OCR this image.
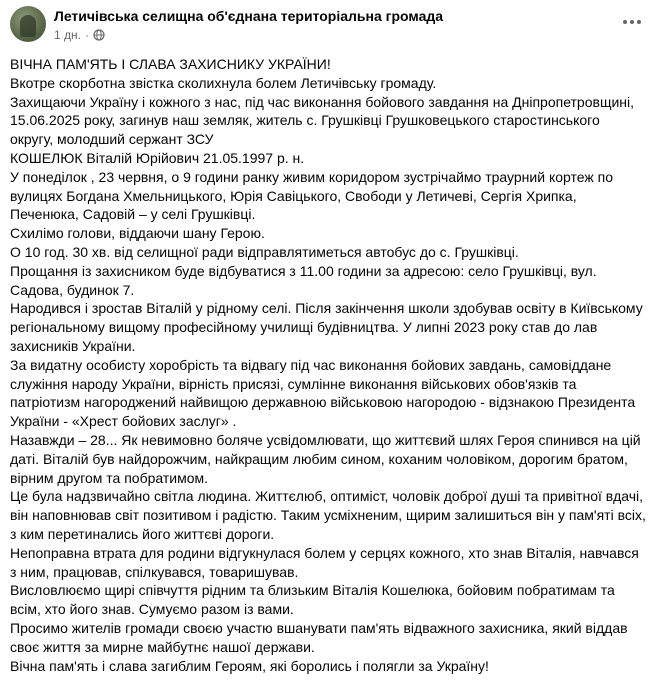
Летичівська селищна об'єднана територіальна громада
1 дн. ·

ВІЧНА ПАМ'ЯТЬ І СЛАВА ЗАХИСНИКУ УКРАЇНИ!

Вкотре скорботна звістка сколихнула болем Летичівську громаду.

Захищаючи Україну і кожного з нас, під час виконання бойового завдання на Дніпропетровщині, 15.06.2025 року, загинув наш земляк, житель с. Грушківці Грушковецького старостинського округу, молодший сержант ЗСУ

КОШЕЛЮК Віталій Юрійович 21.05.1997 р. н.

У понеділок , 23 червня, о 9 години ранку живим коридором зустрічаймо траурний кортеж по вулицях Богдана Хмельницького, Юрія Савіцького, Свободи у Летичеві, Сергія Хрипка, Печенюка, Садовій – у селі Грушківці.

Схилімо голови, віддаючи шану Герою.

О 10 год. 30 хв. від селищної ради відправлятиметься автобус до с. Грушківці.

Прощання із захисником буде відбуватися з 11.00 години за адресою: село Грушківці, вул. Садова, будинок 7.

Народився і зростав Віталій у рідному селі. Після закінчення школи здобував освіту в Київському регіональному вищому професійному училищі будівництва. У липні 2023 року став до лав захисників України.

За видатну особисту хоробрість та відвагу під час виконання бойових завдань, самовіддане служіння народу України, вірність присязі, сумлінне виконання військових обов'язків та патріотизм нагороджений найвищою державною військовою нагородою - відзнакою Президента України - «Хрест бойових заслуг» .

Назавжди – 28... Як невимовно боляче усвідомлювати, що життєвий шлях Героя спинився на цій даті. Віталій був найдорожчим, найкращим любим сином, коханим чоловіком, дорогим братом, вірним другом та побратимом.

Це була надзвичайно світла людина. Життєлюб, оптиміст, чоловік доброї душі та привітної вдачі, він наповнював світ позитивом і радістю. Таким усміхненим, щирим залишиться він у пам'яті всіх, з ким перетинались його життєві дороги.

Непоправна втрата для родини відгукнулася болем у серцях кожного, хто знав Віталія, навчався з ним, працював, спілкувався, товаришував.

Висловлюємо щирі співчуття рідним та близьким Віталія Кошелюка, бойовим побратимам та всім, хто його знав. Сумуємо разом із вами.

Просимо жителів громади своєю участю вшанувати пам'ять відважного захисника, який віддав своє життя за мирне майбутнє нашої держави.

Вічна пам'ять і слава загиблим Героям, які боролись і полягли за Україну!
